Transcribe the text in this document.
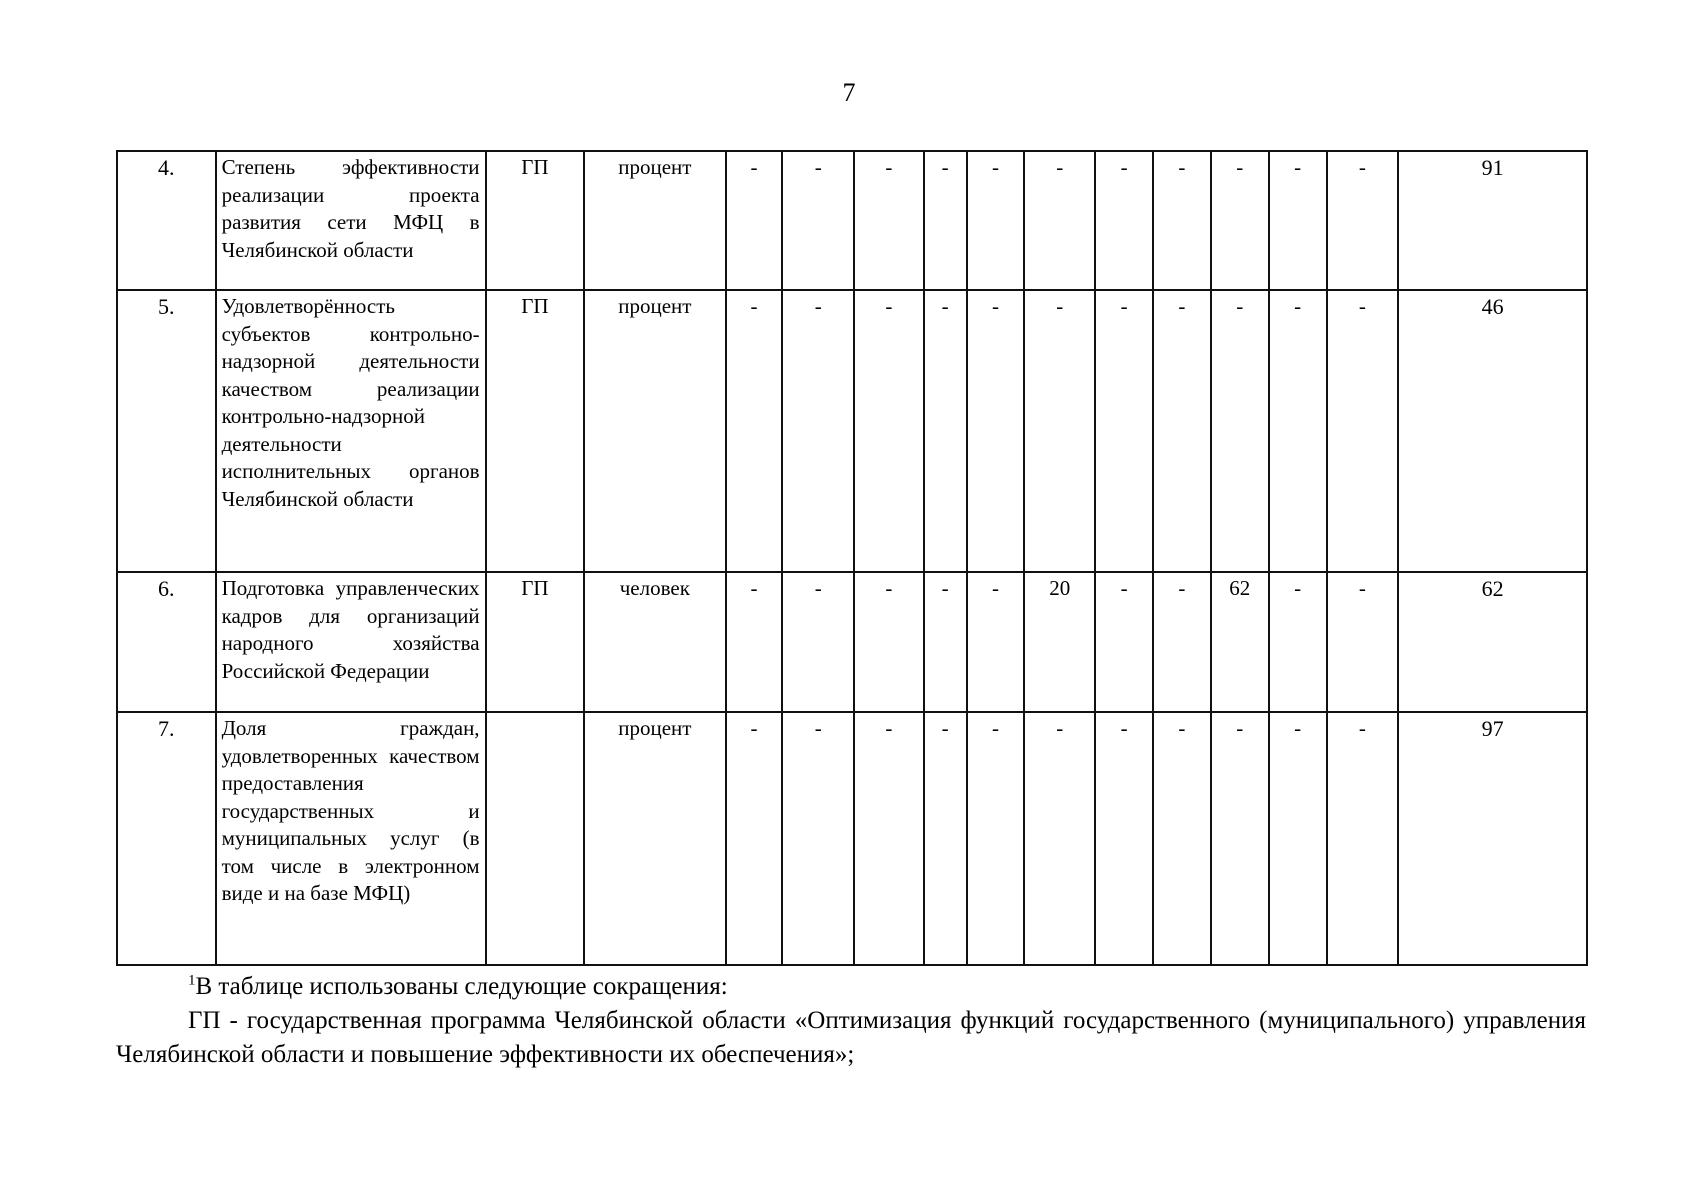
7
4.	Степень эффективности реализации проекта развития сети МФЦ в Челябинской области	ГП	процент	-	-	-	-	-	-	-	-	-	-	-	91
5.	Удовлетворённость субъектов контрольно-надзорной деятельности качеством реализации контрольно-надзорной деятельности исполнительных органов Челябинской области	ГП	процент	-	-	-	-	-	-	-	-	-	-	-	46
6.	Подготовка управленческих кадров для организаций народного хозяйства Российской Федерации	ГП	человек	-	-	-	-	-	20	-	-	62	-	-	62
7.	Доля граждан, удовлетворенных качеством предоставления государственных и муниципальных услуг (в том числе в электронном виде и на базе МФЦ)		процент	-	-	-	-	-	-	-	-	-	-	-	97
$^1$В таблице использованы следующие сокращения:
ГП - государственная программа Челябинской области «Оптимизация функций государственного (муниципального) управления Челябинской области и повышение эффективности их обеспечения»;
